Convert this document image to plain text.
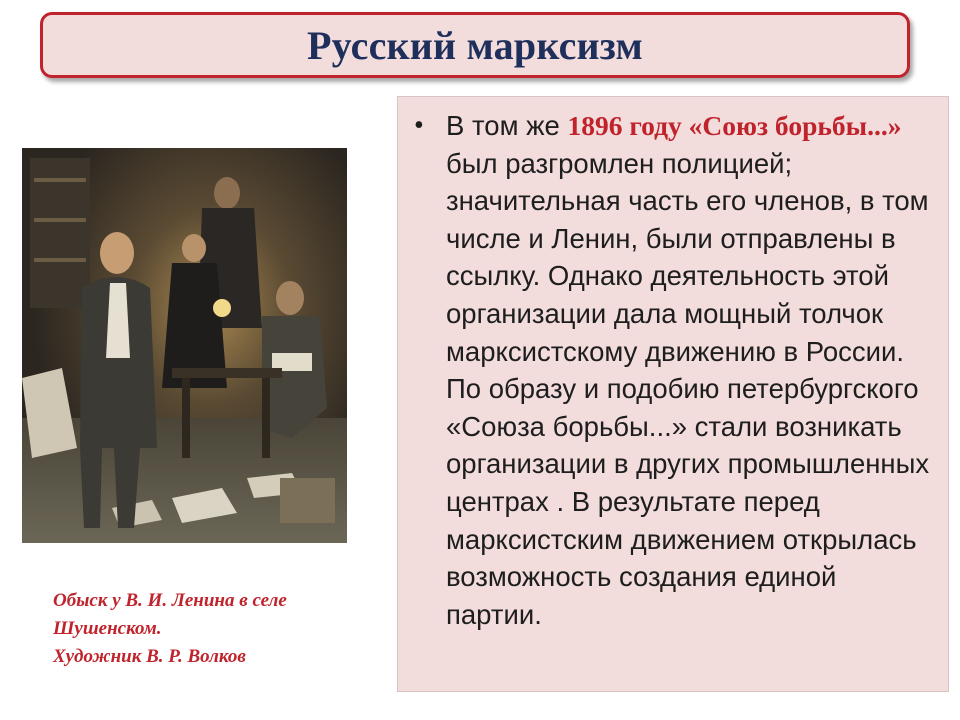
Русский марксизм
Обыск у В. И. Ленина в селе
Шушенском.
Художник В. Р. Волков
• В том же 1896 году «Союз борьбы...» был разгромлен полицией; значительная часть его членов, в том числе и Ленин, были отправлены в ссылку. Однако деятельность этой организации дала мощный толчок марксистскому движению в России. По образу и подобию петербургского «Союза борьбы...» стали возникать организации в других промышленных центрах . В результате перед марксистским движением открылась возможность создания единой партии.
